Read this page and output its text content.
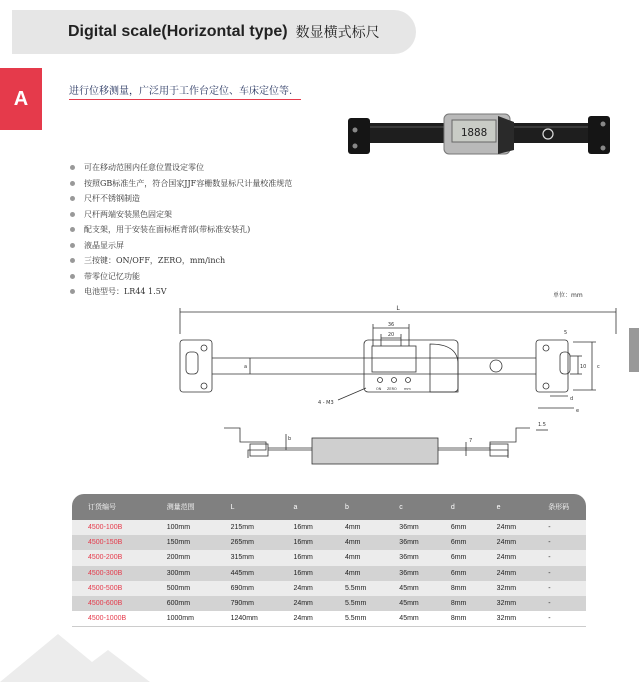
Digital scale(Horizontal type) 数显横式标尺
A	进行位移测量，广泛用于工作台定位、车床定位等.
1888
可在移动范围内任意位置设定零位
按照GB标准生产，符合国家JJF容栅数显标尺计量校准规范
尺杆不锈钢制造
尺杆两端安装黑色固定架
配支架，用于安装在面标框背部(带标准安装孔)
液晶显示屏
三按键：ON/OFF，ZERO，mm/inch
带零位记忆功能
电池型号：LR44 1.5V	单位：mm
L
36
20
a
5
10 c
d
e
4 - M3
ON ZERO mm
b	7
1.5
订货编号	测量范围	L	a	b	c	d	e	条形码
4500-100B	100mm	215mm	16mm	4mm	36mm	6mm	24mm	-
4500-150B	150mm	265mm	16mm	4mm	36mm	6mm	24mm	-
4500-200B	200mm	315mm	16mm	4mm	36mm	6mm	24mm	-
4500-300B	300mm	445mm	16mm	4mm	36mm	6mm	24mm	-
4500-500B	500mm	690mm	24mm	5.5mm	45mm	8mm	32mm	-
4500-600B	600mm	790mm	24mm	5.5mm	45mm	8mm	32mm	-
4500-1000B	1000mm	1240mm	24mm	5.5mm	45mm	8mm	32mm	-
